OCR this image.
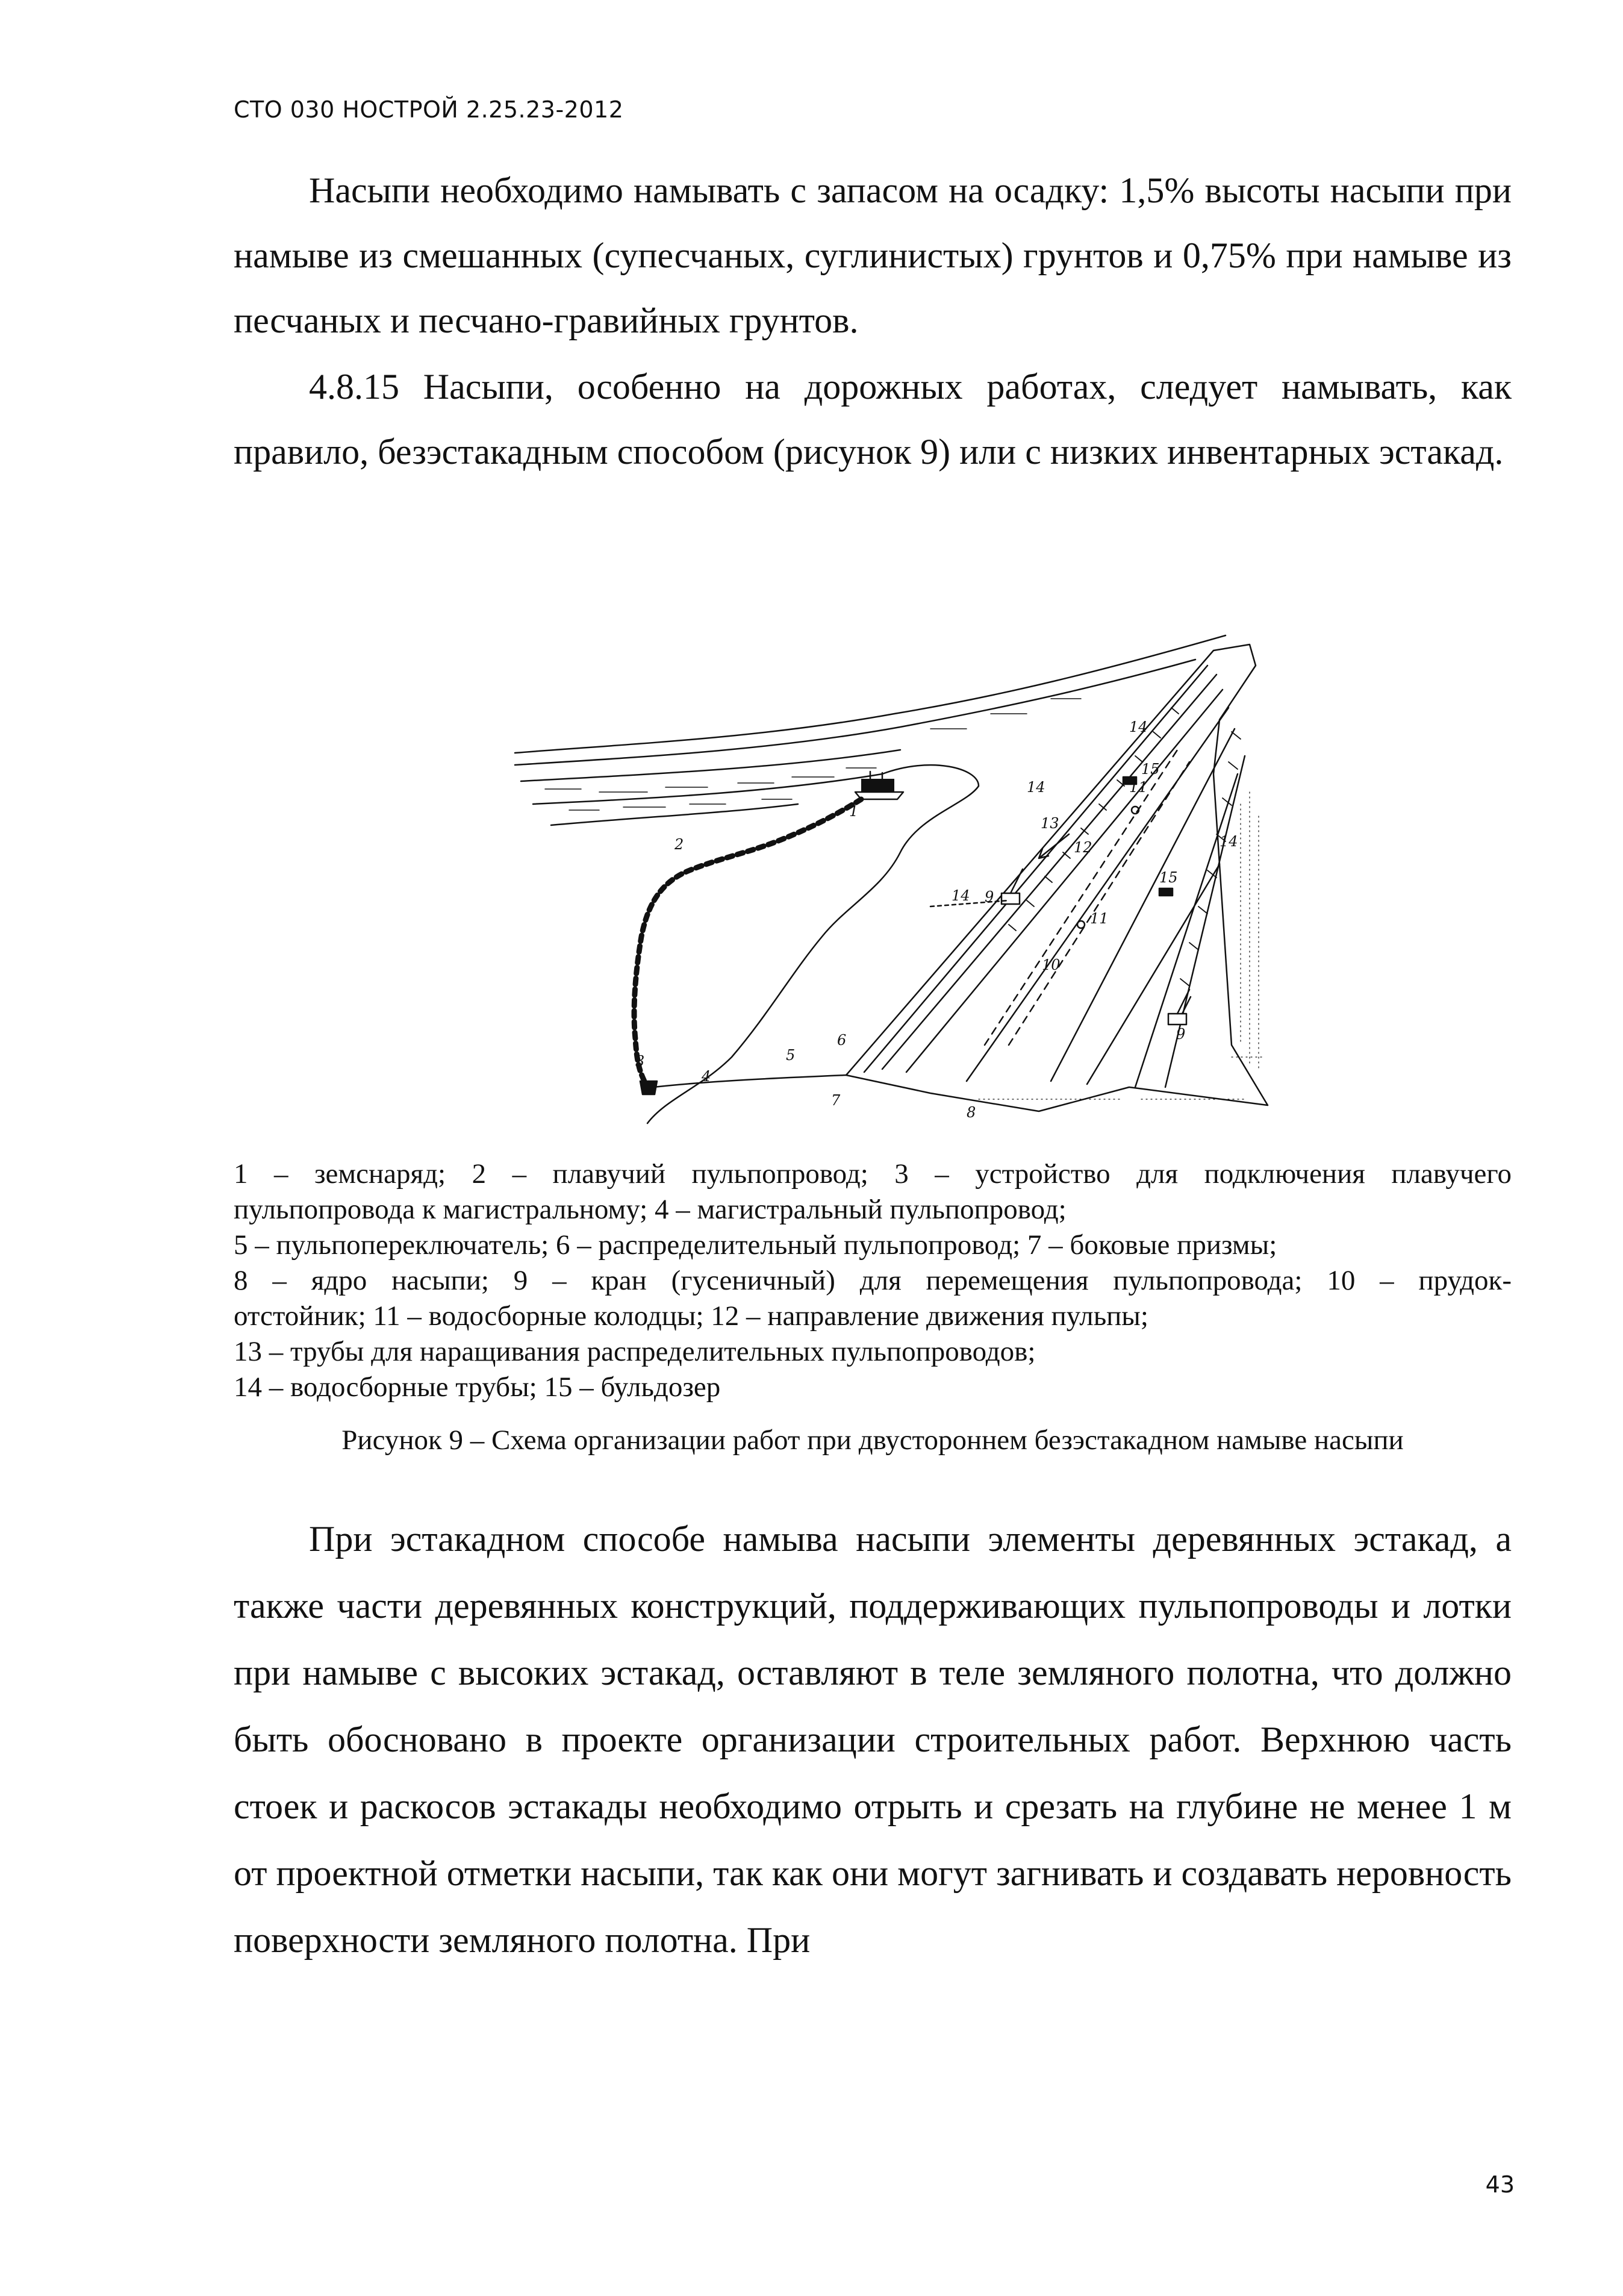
СТО 030 НОСТРОЙ 2.25.23-2012

Насыпи необходимо намывать с запасом на осадку: 1,5% высоты насыпи при намыве из смешанных (супесчаных, суглинистых) грунтов и 0,75% при намыве из песчаных и песчано-гравийных грунтов.

4.8.15 Насыпи, особенно на дорожных работах, следует намывать, как правило, безэстакадным способом (рисунок 9) или с низких инвентарных эстакад.

1
2
3
4
5
6
7
8
9
9
10
11
11
12
13
14
14
14
14
15
15
1 – земснаряд; 2 – плавучий пульпопровод; 3 – устройство для подключения плавучего
пульпопровода к магистральному; 4 – магистральный пульпопровод;
5 – пульпопереключатель; 6 – распределительный пульпопровод; 7 – боковые призмы;
8 – ядро насыпи; 9 – кран (гусеничный) для перемещения пульпопровода; 10 – прудок-
отстойник; 11 – водосборные колодцы; 12 – направление движения пульпы;
13 – трубы для наращивания распределительных пульпопроводов;
14 – водосборные трубы; 15 – бульдозер
Рисунок 9 – Схема организации работ при двустороннем безэстакадном намыве насыпи

При эстакадном способе намыва насыпи элементы деревянных эстакад, а также части деревянных конструкций, поддерживающих пульпопроводы и лотки при намыве с высоких эстакад, оставляют в теле земляного полотна, что должно быть обосновано в проекте организации строительных работ. Верхнюю часть стоек и раскосов эстакады необходимо отрыть и срезать на глубине не менее 1 м от проектной отметки насыпи, так как они могут загнивать и создавать неровность поверхности земляного полотна. При

43
